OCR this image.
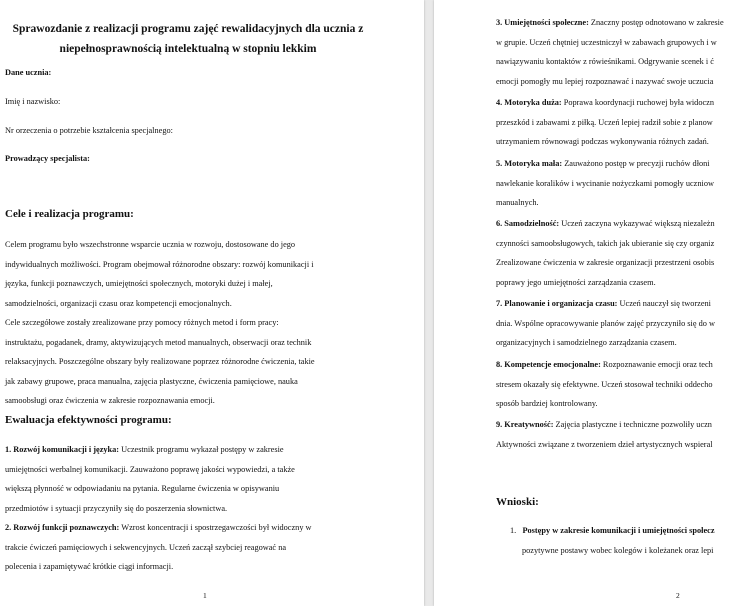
Sprawozdanie z realizacji programu zajęć rewalidacyjnych dla ucznia z
niepełnosprawnością intelektualną w stopniu lekkim
Dane ucznia:
Imię i nazwisko:
Nr orzeczenia o potrzebie kształcenia specjalnego:
Prowadzący specjalista:
Cele i realizacja programu:
Celem programu było wszechstronne wsparcie ucznia w rozwoju, dostosowane do jego
indywidualnych możliwości. Program obejmował różnorodne obszary: rozwój komunikacji i
języka, funkcji poznawczych, umiejętności społecznych, motoryki dużej i małej,
samodzielności, organizacji czasu oraz kompetencji emocjonalnych.
Cele szczegółowe zostały zrealizowane przy pomocy różnych metod i form pracy:
instruktażu, pogadanek, dramy, aktywizujących metod manualnych, obserwacji oraz technik
relaksacyjnych. Poszczególne obszary były realizowane poprzez różnorodne ćwiczenia, takie
jak zabawy grupowe, praca manualna, zajęcia plastyczne, ćwiczenia pamięciowe, nauka
samoobsługi oraz ćwiczenia w zakresie rozpoznawania emocji.
Ewaluacja efektywności programu:
1. Rozwój komunikacji i języka: Uczestnik programu wykazał postępy w zakresie
umiejętności werbalnej komunikacji. Zauważono poprawę jakości wypowiedzi, a także
większą płynność w odpowiadaniu na pytania. Regularne ćwiczenia w opisywaniu
przedmiotów i sytuacji przyczyniły się do poszerzenia słownictwa.
2. Rozwój funkcji poznawczych: Wzrost koncentracji i spostrzegawczości był widoczny w
trakcie ćwiczeń pamięciowych i sekwencyjnych. Uczeń zaczął szybciej reagować na
polecenia i zapamiętywać krótkie ciągi informacji.
1
3. Umiejętności społeczne: Znaczny postęp odnotowano w zakresie
w grupie. Uczeń chętniej uczestniczył w zabawach grupowych i w
nawiązywaniu kontaktów z rówieśnikami. Odgrywanie scenek i ć
emocji pomogły mu lepiej rozpoznawać i nazywać swoje uczucia
4. Motoryka duża: Poprawa koordynacji ruchowej była widoczn
przeszkód i zabawami z piłką. Uczeń lepiej radził sobie z planow
utrzymaniem równowagi podczas wykonywania różnych zadań.
5. Motoryka mała: Zauważono postęp w precyzji ruchów dłoni
nawlekanie koralików i wycinanie nożyczkami pomogły uczniow
manualnych.
6. Samodzielność: Uczeń zaczyna wykazywać większą niezależn
czynności samoobsługowych, takich jak ubieranie się czy organiz
Zrealizowane ćwiczenia w zakresie organizacji przestrzeni osobis
poprawy jego umiejętności zarządzania czasem.
7. Planowanie i organizacja czasu: Uczeń nauczył się tworzeni
dnia. Wspólne opracowywanie planów zajęć przyczyniło się do w
organizacyjnych i samodzielnego zarządzania czasem.
8. Kompetencje emocjonalne: Rozpoznawanie emocji oraz tech
stresem okazały się efektywne. Uczeń stosował techniki oddecho
sposób bardziej kontrolowany.
9. Kreatywność: Zajęcia plastyczne i techniczne pozwoliły uczn
Aktywności związane z tworzeniem dzieł artystycznych wspieral
Wnioski:
1. Postępy w zakresie komunikacji i umiejętności społecz
pozytywne postawy wobec kolegów i koleżanek oraz lepi
2
